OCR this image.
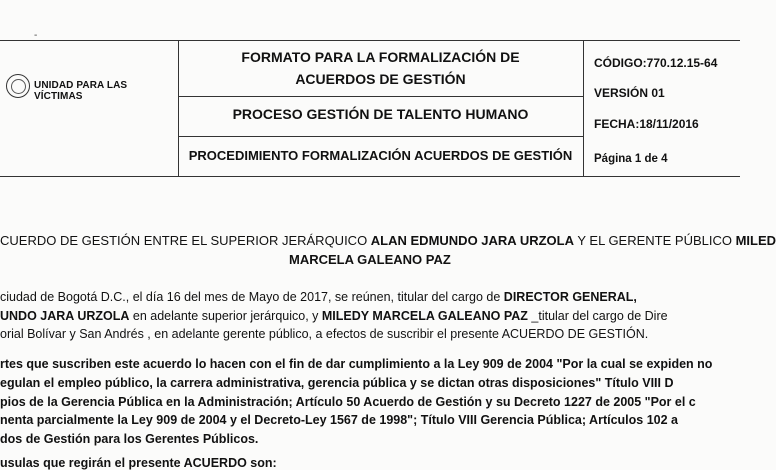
-
UNIDAD PARA LAS VÍCTIMAS
FORMATO PARA LA FORMALIZACIÓN DE
ACUERDOS DE GESTIÓN
PROCESO GESTIÓN DE TALENTO HUMANO
PROCEDIMIENTO FORMALIZACIÓN ACUERDOS DE GESTIÓN
CÓDIGO:770.12.15-64
VERSIÓN 01
FECHA:18/11/2016
Página 1 de 4
CUERDO DE GESTIÓN ENTRE EL SUPERIOR JERÁRQUICO ALAN EDMUNDO JARA URZOLA Y EL GERENTE PÚBLICO MILED
MARCELA GALEANO PAZ
ciudad de Bogotá D.C., el día 16 del mes de Mayo de 2017, se reúnen, titular del cargo de DIRECTOR GENERAL,
UNDO JARA URZOLA en adelante superior jerárquico, y MILEDY MARCELA GALEANO PAZ _titular del cargo de Dire
orial Bolívar y San Andrés , en adelante gerente público, a efectos de suscribir el presente ACUERDO DE GESTIÓN.
rtes que suscriben este acuerdo lo hacen con el fin de dar cumplimiento a la Ley 909 de 2004 "Por la cual se expiden no
egulan el empleo público, la carrera administrativa, gerencia pública y se dictan otras disposiciones" Título VIII D
pios de la Gerencia Pública en la Administración; Artículo 50 Acuerdo de Gestión y su Decreto 1227 de 2005 "Por el c
nenta parcialmente la Ley 909 de 2004 y el Decreto-Ley 1567 de 1998"; Título VIII Gerencia Pública; Artículos 102 a
dos de Gestión para los Gerentes Públicos.
usulas que regirán el presente ACUERDO son:
